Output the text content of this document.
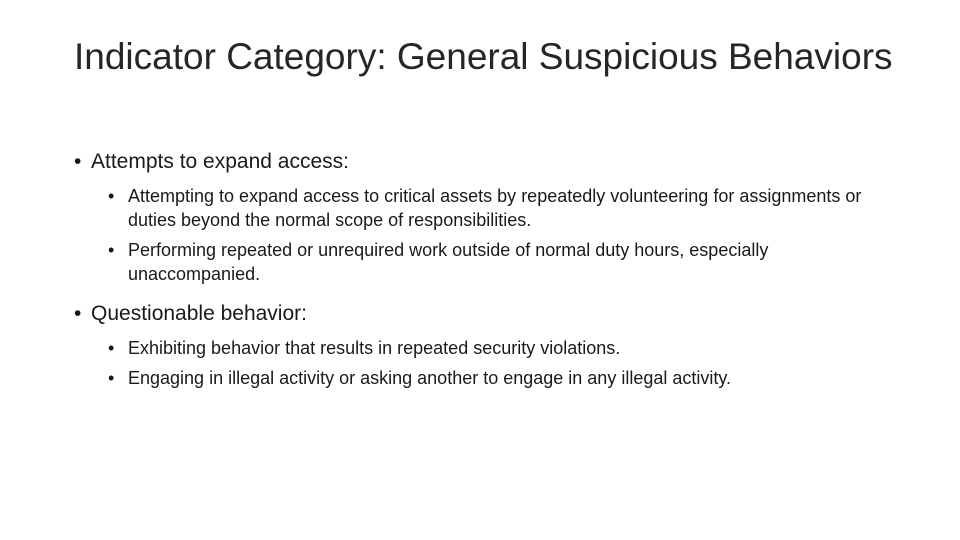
Indicator Category: General Suspicious Behaviors
• Attempts to expand access:
• Attempting to expand access to critical assets by repeatedly volunteering for assignments or duties beyond the normal scope of responsibilities.
• Performing repeated or unrequired work outside of normal duty hours, especially unaccompanied.
• Questionable behavior:
• Exhibiting behavior that results in repeated security violations.
• Engaging in illegal activity or asking another to engage in any illegal activity.
